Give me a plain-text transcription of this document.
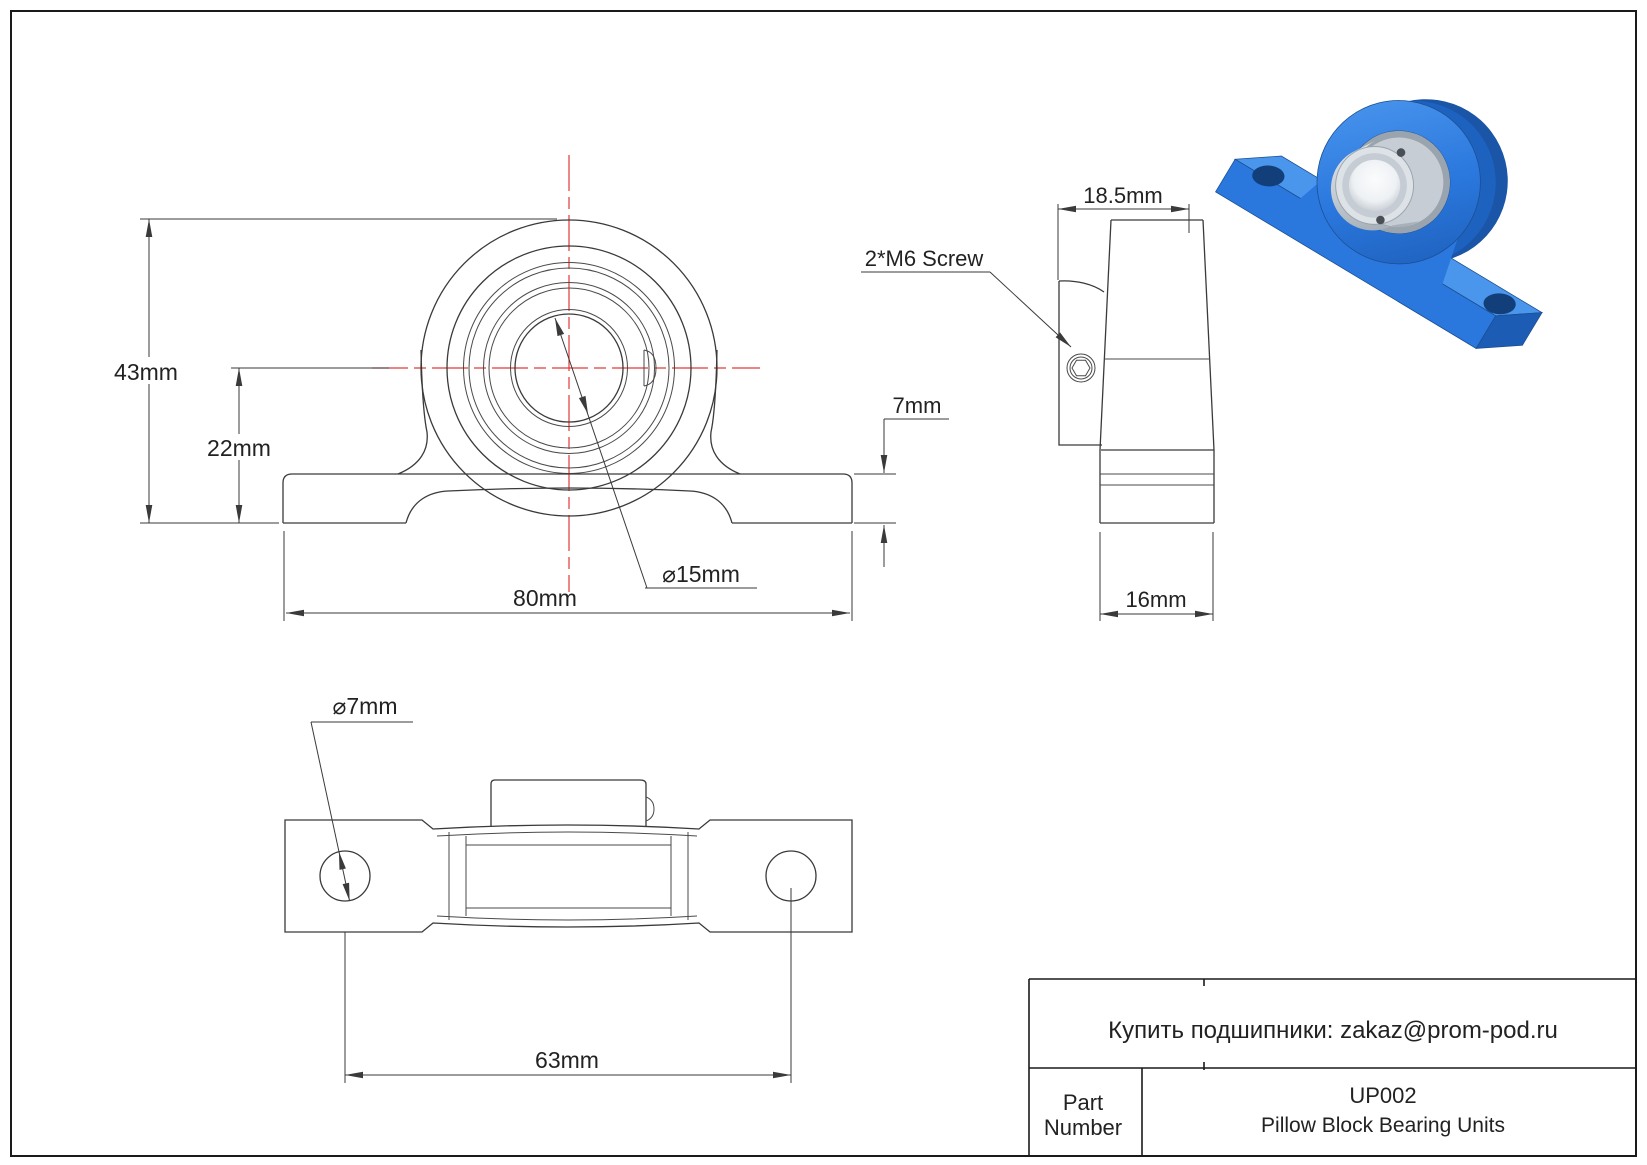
43mm
22mm
80mm
⌀15mm
7mm
18.5mm
16mm
2*M6 Screw
⌀7mm
63mm
Купить подшипники: zakaz@prom-pod.ru
Part
Number
UP002
Pillow Block Bearing Units
